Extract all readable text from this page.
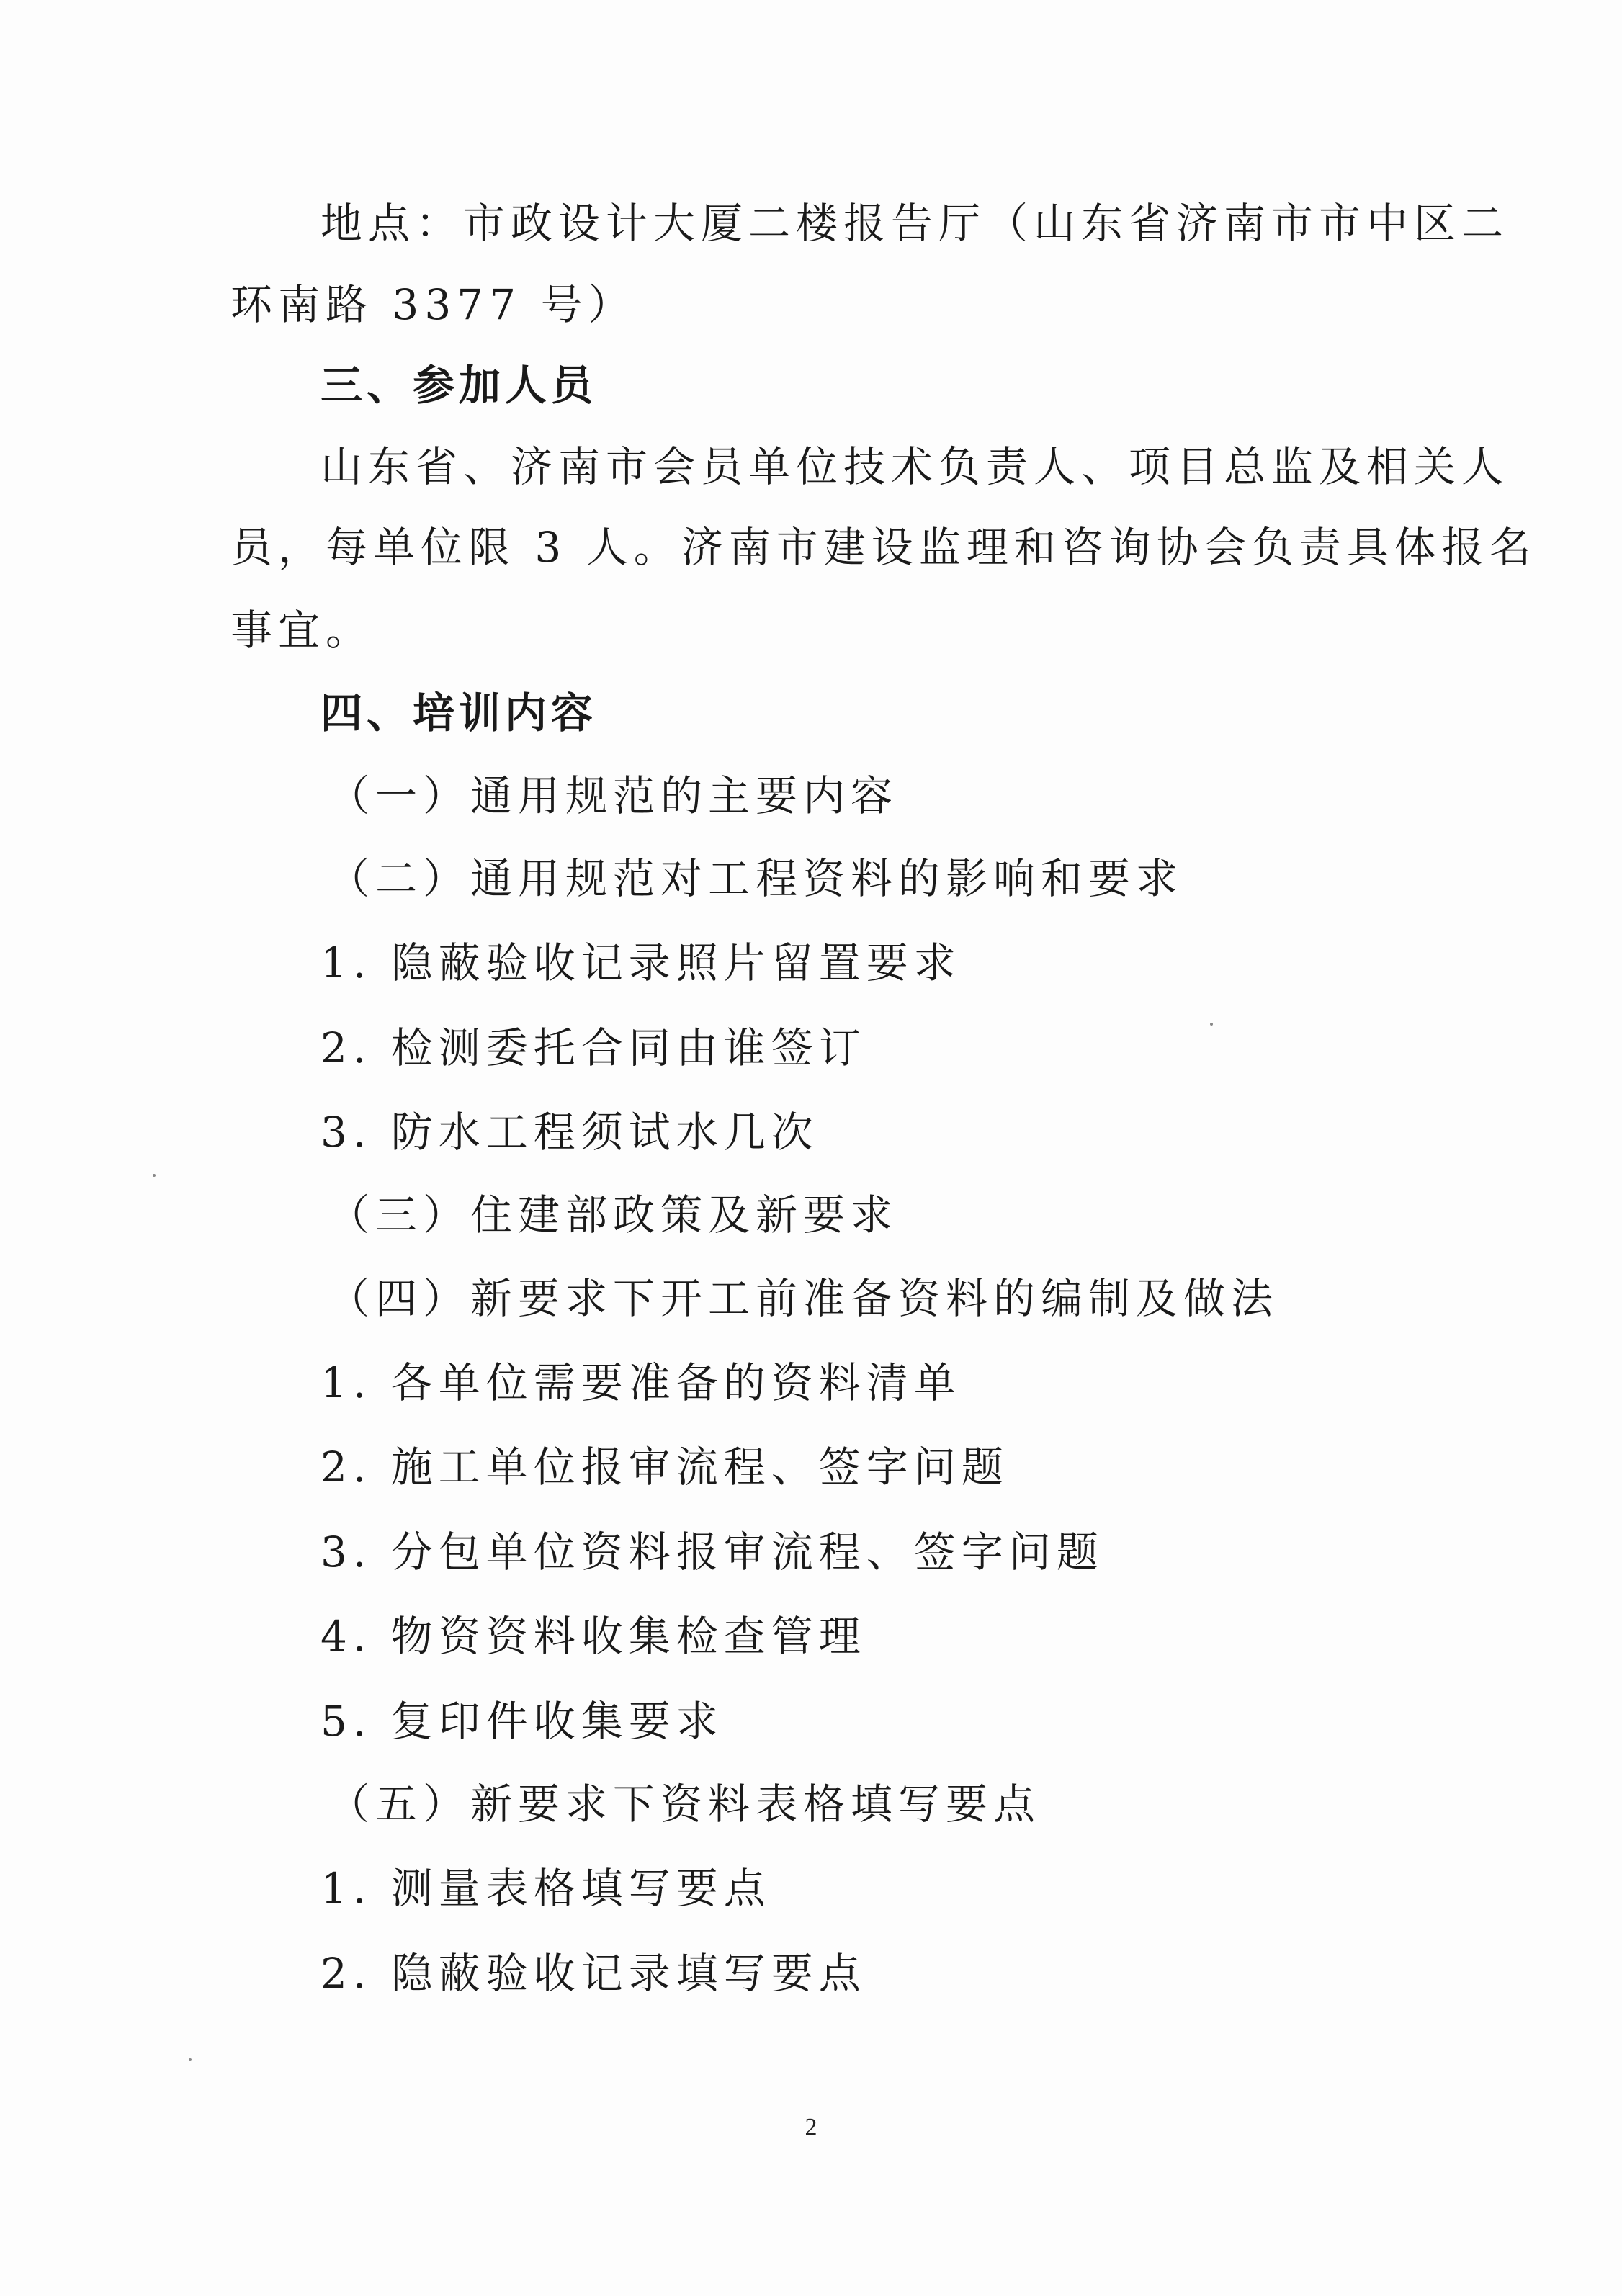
地点：市政设计大厦二楼报告厅（山东省济南市市中区二
环南路 3377 号）
三、参加人员
山东省、济南市会员单位技术负责人、项目总监及相关人
员，每单位限 3 人。济南市建设监理和咨询协会负责具体报名
事宜。
四、培训内容
（一）通用规范的主要内容
（二）通用规范对工程资料的影响和要求
1. 隐蔽验收记录照片留置要求
2. 检测委托合同由谁签订
3. 防水工程须试水几次
（三）住建部政策及新要求
（四）新要求下开工前准备资料的编制及做法
1. 各单位需要准备的资料清单
2. 施工单位报审流程、签字问题
3. 分包单位资料报审流程、签字问题
4. 物资资料收集检查管理
5. 复印件收集要求
（五）新要求下资料表格填写要点
1. 测量表格填写要点
2. 隐蔽验收记录填写要点
2
